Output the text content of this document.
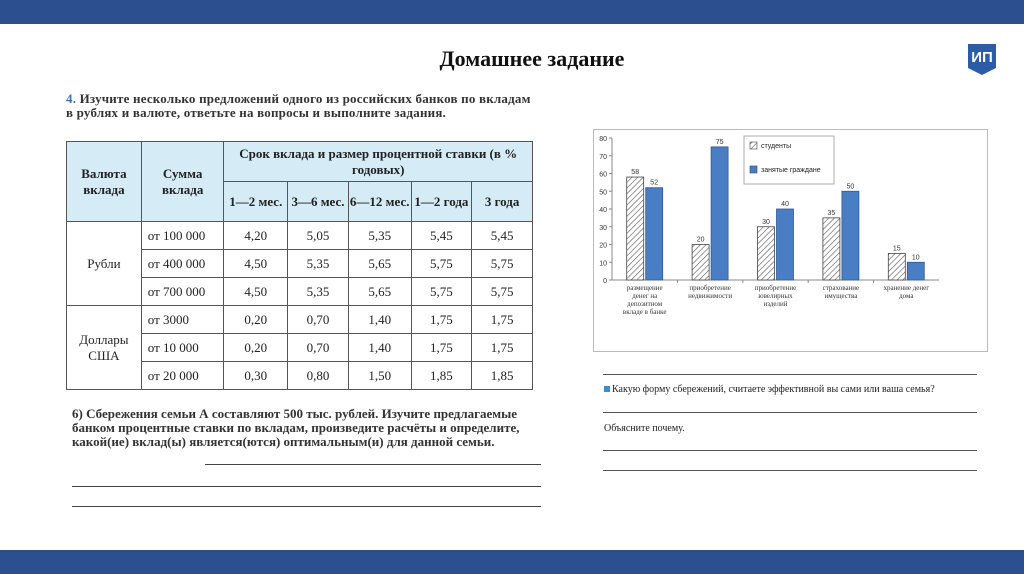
Домашнее задание	ИП
4. Изучите несколько предложений одного из российских банков по вкладам в рублях и валюте, ответьте на вопросы и выполните задания.
Валюта вклада	Сумма вклада	Срок вклада и размер процентной ставки (в % годовых)				
		1—2 мес.	3—6 мес.	6—12 мес.	1—2 года	3 года
Рубли	от 100 000	4,20	5,05	5,35	5,45	5,45
	от 400 000	4,50	5,35	5,65	5,75	5,75
	от 700 000	4,50	5,35	5,65	5,75	5,75
Доллары США	от 3000	0,20	0,70	1,40	1,75	1,75
	от 10 000	0,20	0,70	1,40	1,75	1,75
	от 20 000	0,30	0,80	1,50	1,85	1,85
6) Сбережения семьи А составляют 500 тыс. рублей. Изучите предлагаемые банком процентные ставки по вкладам, произведите расчёты и определите, какой(ие) вклад(ы) является(ются) оптимальным(и) для данной семьи.
0
10
20
30
40
50
60
70
80
58
52
размещение
денег на
депозитном
вкладе в банке
20
75
приобретение
недвижимости
30
40
приобретение
ювелирных
изделий
35
50
страхование
имущества
15
10
хранение денег
дома
студенты
занятые граждане
Какую форму сбережений, считаете эффективной вы сами или ваша семья?
Объясните почему.
